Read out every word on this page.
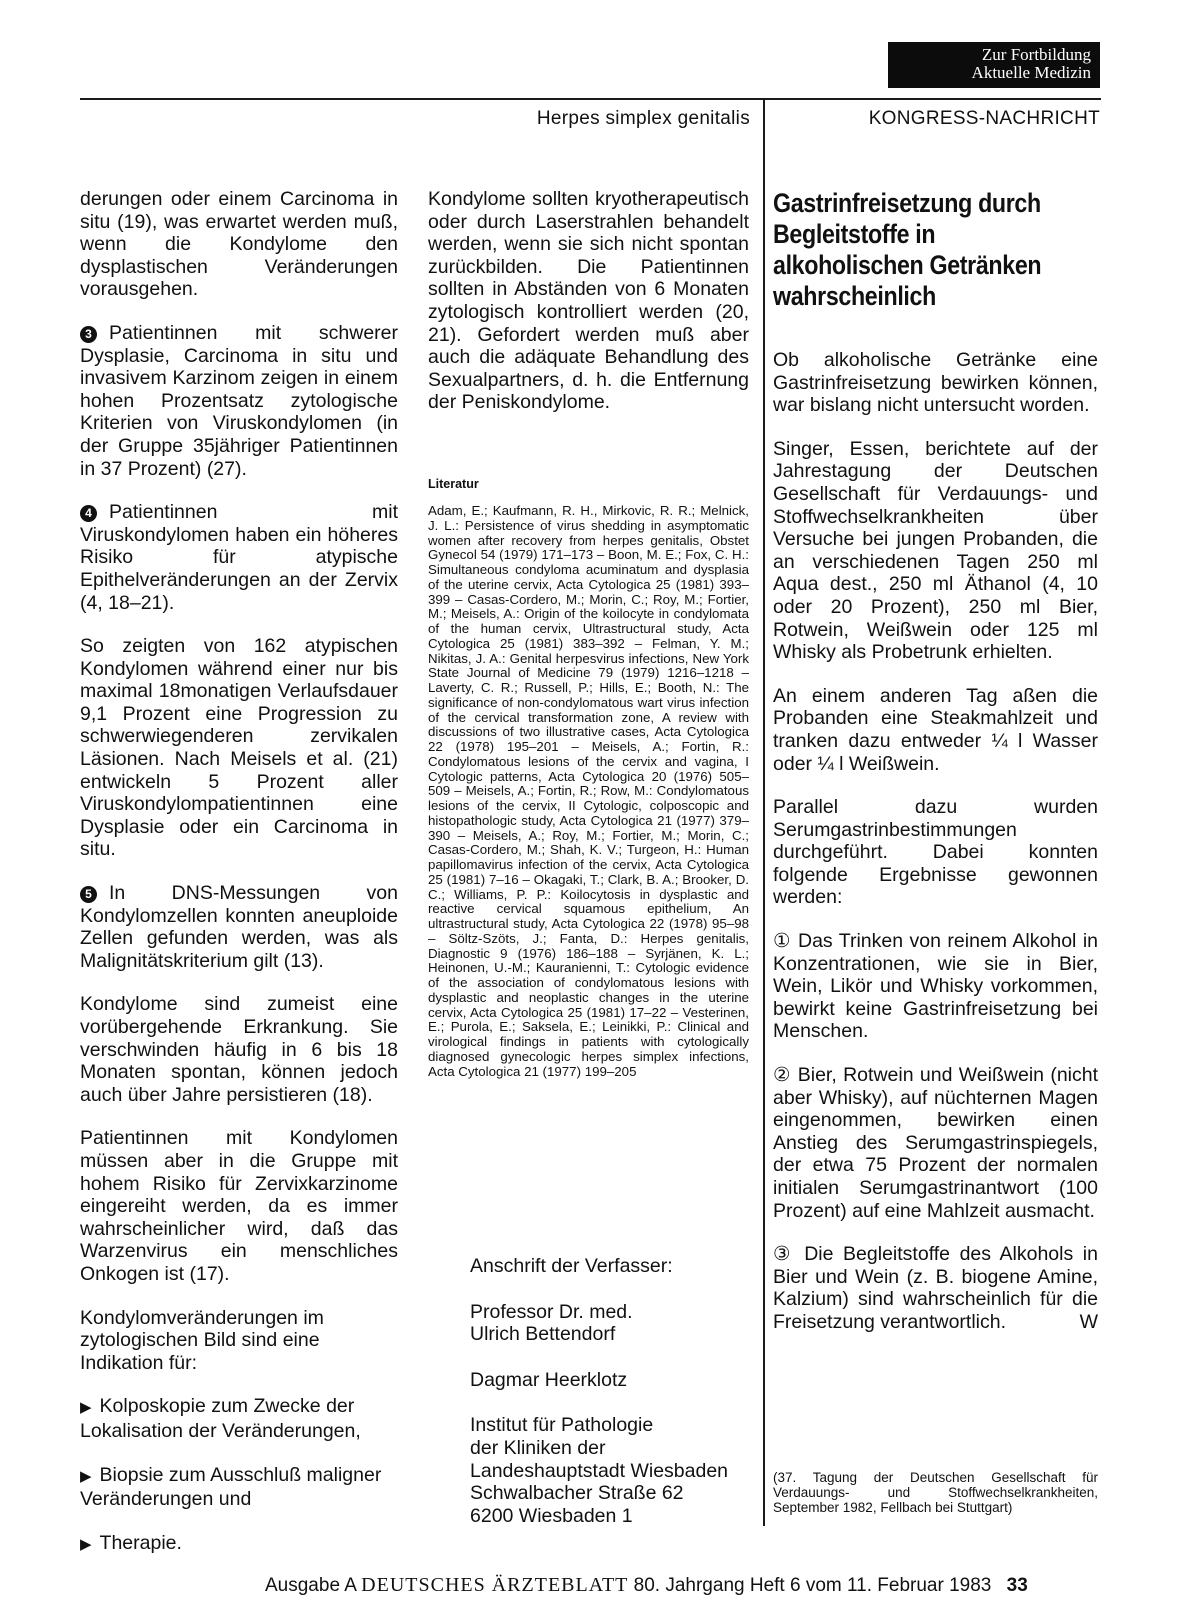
Zur Fortbildung
Aktuelle Medizin
Herpes simplex genitalis	KONGRESS-NACHRICHT

derungen oder einem Carcinoma in situ (19), was erwartet werden muß, wenn die Kondylome den dysplastischen Veränderungen vorausgehen.

3 Patientinnen mit schwerer Dysplasie, Carcinoma in situ und invasivem Karzinom zeigen in einem hohen Prozentsatz zytologische Kriterien von Viruskondylomen (in der Gruppe 35jähriger Patientinnen in 37 Prozent) (27).

4 Patientinnen mit Viruskondylomen haben ein höheres Risiko für atypische Epithelveränderungen an der Zervix (4, 18–21).

So zeigten von 162 atypischen Kondylomen während einer nur bis maximal 18monatigen Verlaufsdauer 9,1 Prozent eine Progression zu schwerwiegenderen zervikalen Läsionen. Nach Meisels et al. (21) entwickeln 5 Prozent aller Viruskondylompatientinnen eine Dysplasie oder ein Carcinoma in situ.

5 In DNS-Messungen von Kondylomzellen konnten aneuploide Zellen gefunden werden, was als Malignitätskriterium gilt (13).

Kondylome sind zumeist eine vorübergehende Erkrankung. Sie verschwinden häufig in 6 bis 18 Monaten spontan, können jedoch auch über Jahre persistieren (18).

Patientinnen mit Kondylomen müssen aber in die Gruppe mit hohem Risiko für Zervixkarzinome eingereiht werden, da es immer wahrscheinlicher wird, daß das Warzenvirus ein menschliches Onkogen ist (17).

Kondylomveränderungen im zytologischen Bild sind eine Indikation für:

▶ Kolposkopie zum Zwecke der Lokalisation der Veränderungen,

▶ Biopsie zum Ausschluß maligner Veränderungen und

▶ Therapie.

Kondylome sollten kryotherapeutisch oder durch Laserstrahlen behandelt werden, wenn sie sich nicht spontan zurückbilden. Die Patientinnen sollten in Abständen von 6 Monaten zytologisch kontrolliert werden (20, 21). Gefordert werden muß aber auch die adäquate Behandlung des Sexualpartners, d. h. die Entfernung der Peniskondylome.

Literatur

Adam, E.; Kaufmann, R. H., Mirkovic, R. R.; Melnick, J. L.: Persistence of virus shedding in asymptomatic women after recovery from herpes genitalis, Obstet Gynecol 54 (1979) 171–173 – Boon, M. E.; Fox, C. H.: Simultaneous condyloma acuminatum and dysplasia of the uterine cervix, Acta Cytologica 25 (1981) 393–399 – Casas-Cordero, M.; Morin, C.; Roy, M.; Fortier, M.; Meisels, A.: Origin of the koilocyte in condylomata of the human cervix, Ultrastructural study, Acta Cytologica 25 (1981) 383–392 – Felman, Y. M.; Nikitas, J. A.: Genital herpesvirus infections, New York State Journal of Medicine 79 (1979) 1216–1218 – Laverty, C. R.; Russell, P.; Hills, E.; Booth, N.: The significance of non-condylomatous wart virus infection of the cervical transformation zone, A review with discussions of two illustrative cases, Acta Cytologica 22 (1978) 195–201 – Meisels, A.; Fortin, R.: Condylomatous lesions of the cervix and vagina, I Cytologic patterns, Acta Cytologica 20 (1976) 505–509 – Meisels, A.; Fortin, R.; Row, M.: Condylomatous lesions of the cervix, II Cytologic, colposcopic and histopathologic study, Acta Cytologica 21 (1977) 379–390 – Meisels, A.; Roy, M.; Fortier, M.; Morin, C.; Casas-Cordero, M.; Shah, K. V.; Turgeon, H.: Human papillomavirus infection of the cervix, Acta Cytologica 25 (1981) 7–16 – Okagaki, T.; Clark, B. A.; Brooker, D. C.; Williams, P. P.: Koilocytosis in dysplastic and reactive cervical squamous epithelium, An ultrastructural study, Acta Cytologica 22 (1978) 95–98 – Söltz-Szöts, J.; Fanta, D.: Herpes genitalis, Diagnostic 9 (1976) 186–188 – Syrjänen, K. L.; Heinonen, U.-M.; Kauranienni, T.: Cytologic evidence of the association of condylomatous lesions with dysplastic and neoplastic changes in the uterine cervix, Acta Cytologica 25 (1981) 17–22 – Vesterinen, E.; Purola, E.; Saksela, E.; Leinikki, P.: Clinical and virological findings in patients with cytologically diagnosed gynecologic herpes simplex infections, Acta Cytologica 21 (1977) 199–205

Anschrift der Verfasser:

Professor Dr. med.
Ulrich Bettendorf

Dagmar Heerklotz

Institut für Pathologie
der Kliniken der
Landeshauptstadt Wiesbaden
Schwalbacher Straße 62
6200 Wiesbaden 1

Gastrinfreisetzung durch Begleitstoffe in alkoholischen Getränken wahrscheinlich

Ob alkoholische Getränke eine Gastrinfreisetzung bewirken können, war bislang nicht untersucht worden.

Singer, Essen, berichtete auf der Jahrestagung der Deutschen Gesellschaft für Verdauungs- und Stoffwechselkrankheiten über Versuche bei jungen Probanden, die an verschiedenen Tagen 250 ml Aqua dest., 250 ml Äthanol (4, 10 oder 20 Prozent), 250 ml Bier, Rotwein, Weißwein oder 125 ml Whisky als Probetrunk erhielten.

An einem anderen Tag aßen die Probanden eine Steakmahlzeit und tranken dazu entweder ¼ l Wasser oder ¼ l Weißwein.

Parallel dazu wurden Serumgastrinbestimmungen durchgeführt. Dabei konnten folgende Ergebnisse gewonnen werden:

① Das Trinken von reinem Alkohol in Konzentrationen, wie sie in Bier, Wein, Likör und Whisky vorkommen, bewirkt keine Gastrinfreisetzung bei Menschen.

② Bier, Rotwein und Weißwein (nicht aber Whisky), auf nüchternen Magen eingenommen, bewirken einen Anstieg des Serumgastrinspiegels, der etwa 75 Prozent der normalen initialen Serumgastrinantwort (100 Prozent) auf eine Mahlzeit ausmacht.

③ Die Begleitstoffe des Alkohols in Bier und Wein (z. B. biogene Amine, Kalzium) sind wahrscheinlich für die Freisetzung verantwortlich.	W

(37. Tagung der Deutschen Gesellschaft für Verdauungs- und Stoffwechselkrankheiten, September 1982, Fellbach bei Stuttgart)

Ausgabe A DEUTSCHES ÄRZTEBLATT 80. Jahrgang Heft 6 vom 11. Februar 1983 33
